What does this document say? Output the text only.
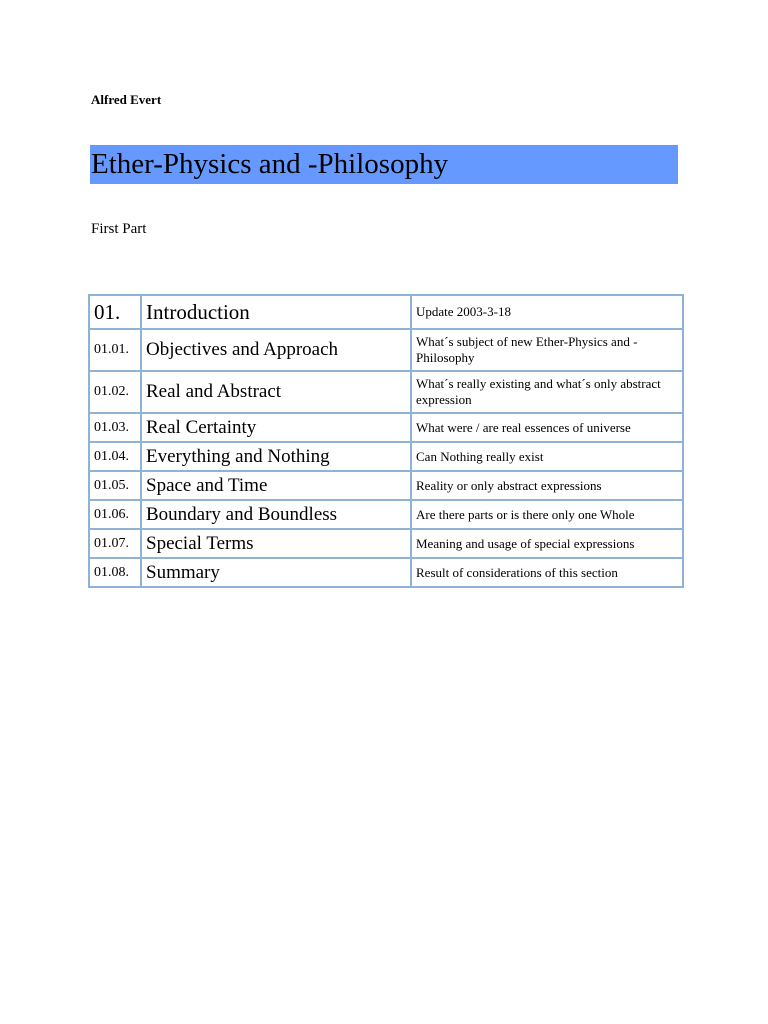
Alfred Evert
Ether-Physics and -Philosophy
First Part
01.	Introduction	Update 2003-3-18
01.01.	Objectives and Approach	What´s subject of new Ether-Physics and -Philosophy
01.02.	Real and Abstract	What´s really existing and what´s only abstract expression
01.03.	Real Certainty	What were / are real essences of universe
01.04.	Everything and Nothing	Can Nothing really exist
01.05.	Space and Time	Reality or only abstract expressions
01.06.	Boundary and Boundless	Are there parts or is there only one Whole
01.07.	Special Terms	Meaning and usage of special expressions
01.08.	Summary	Result of considerations of this section
